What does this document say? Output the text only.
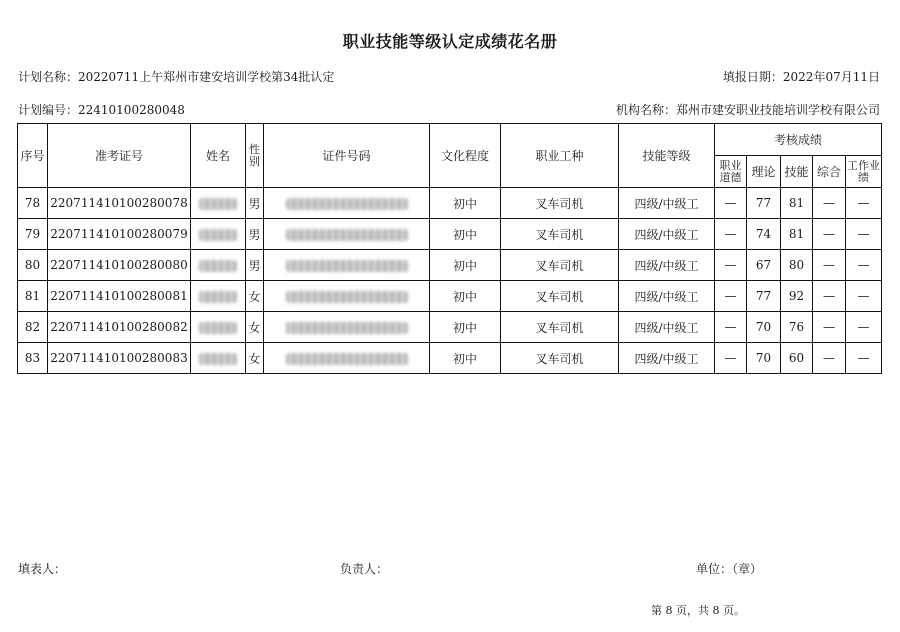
职业技能等级认定成绩花名册
计划名称：20220711上午郑州市建安培训学校第34批认定	填报日期：2022年07月11日
计划编号：22410100280048	机构名称：郑州市建安职业技能培训学校有限公司
序号	准考证号	姓名	性别	证件号码	文化程度	职业工种	技能等级	考核成绩				
								职业道德	理论	技能	综合	工作业绩
78	220711410100280078		男		初中	叉车司机	四级/中级工	—	77	81	—	—
79	220711410100280079		男		初中	叉车司机	四级/中级工	—	74	81	—	—
80	220711410100280080		男		初中	叉车司机	四级/中级工	—	67	80	—	—
81	220711410100280081		女		初中	叉车司机	四级/中级工	—	77	92	—	—
82	220711410100280082		女		初中	叉车司机	四级/中级工	—	70	76	—	—
83	220711410100280083		女		初中	叉车司机	四级/中级工	—	70	60	—	—
填表人：	负责人：	单位：（章）
第 8 页，共 8 页。
